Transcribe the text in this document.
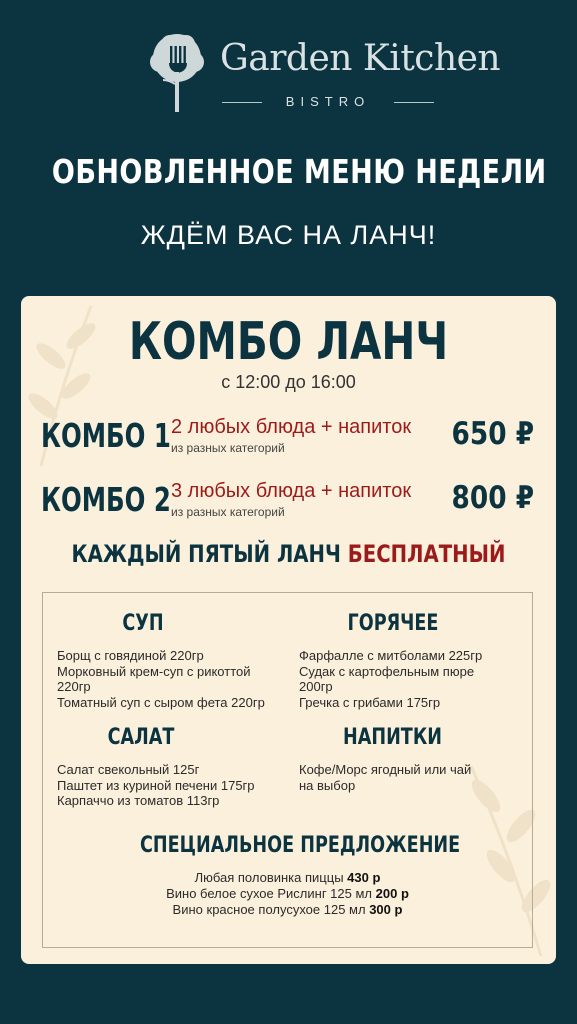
Garden Kitchen
BISTRO
ОБНОВЛЕННОЕ МЕНЮ НЕДЕЛИ
ЖДЁМ ВАС НА ЛАНЧ!
КОМБО ЛАНЧ
с 12:00 до 16:00
КОМБО 1 2 любых блюда + напиток
из разных категорий	650 ₽
КОМБО 2 3 любых блюда + напиток
из разных категорий	800 ₽
КАЖДЫЙ ПЯТЫЙ ЛАНЧ БЕСПЛАТНЫЙ
СУП
Борщ с говядиной 220гр
Морковный крем-суп с рикоттой
220гр
Томатный суп с сыром фета 220гр
ГОРЯЧЕЕ
Фарфалле с митболами 225гр
Судак с картофельным пюре
200гр
Гречка с грибами 175гр
САЛАТ
Салат свекольный 125г
Паштет из куриной печени 175гр
Карпаччо из томатов 113гр
НАПИТКИ
Кофе/Морс ягодный или чай
на выбор
СПЕЦИАЛЬНОЕ ПРЕДЛОЖЕНИЕ
Любая половинка пиццы 430 р
Вино белое сухое Рислинг 125 мл 200 р
Вино красное полусухое 125 мл 300 р
